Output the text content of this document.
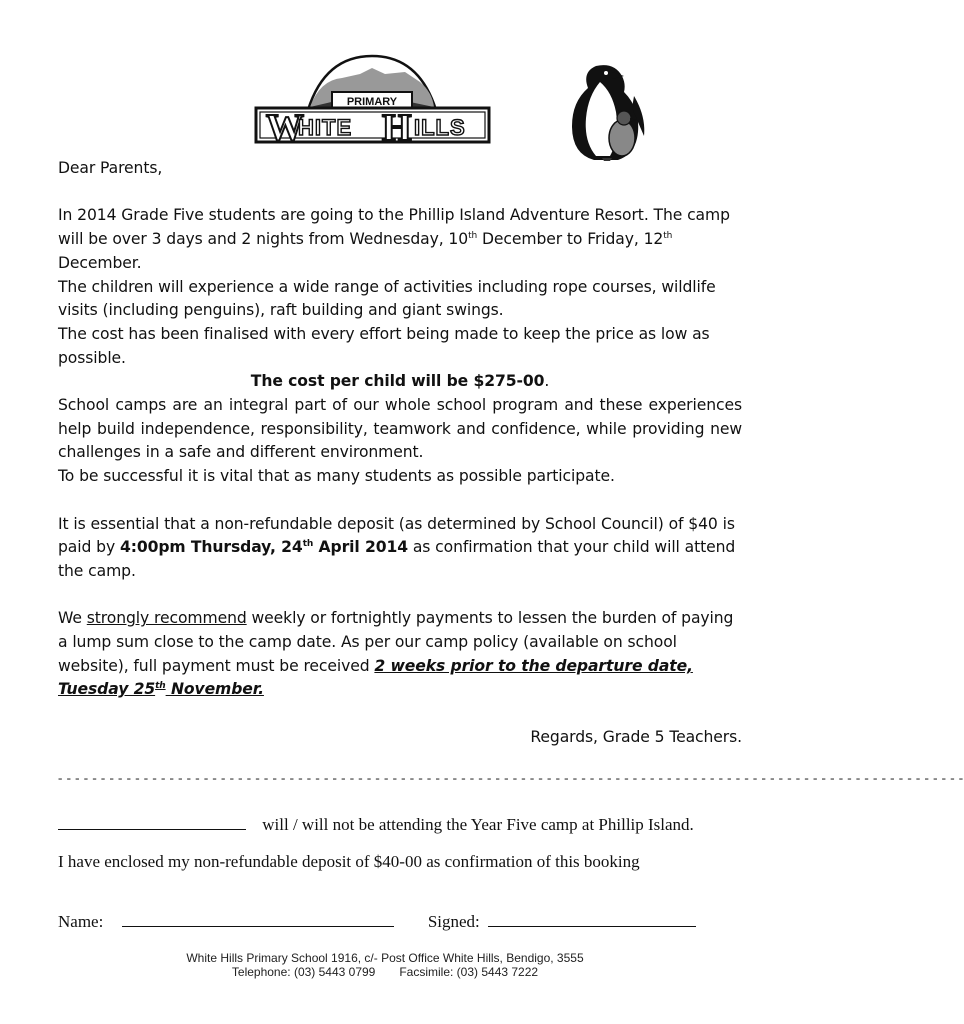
PRIMARY
W
HITE H ILLS

Dear Parents,

In 2014 Grade Five students are going to the Phillip Island Adventure Resort. The camp will be over 3 days and 2 nights from Wednesday, 10th December to Friday, 12th December.

The children will experience a wide range of activities including rope courses, wildlife visits (including penguins), raft building and giant swings.

The cost has been finalised with every effort being made to keep the price as low as possible.

The cost per child will be $275-00.

School camps are an integral part of our whole school program and these experiences help build independence, responsibility, teamwork and confidence, while providing new challenges in a safe and different environment.

To be successful it is vital that as many students as possible participate.

It is essential that a non-refundable deposit (as determined by School Council) of $40 is paid by 4:00pm Thursday, 24th April 2014 as confirmation that your child will attend the camp.

We strongly recommend weekly or fortnightly payments to lessen the burden of paying a lump sum close to the camp date. As per our camp policy (available on school website), full payment must be received 2 weeks prior to the departure date, Tuesday 25th November.

Regards, Grade 5 Teachers.

- - - - - - - - - - - - - - - - - - - - - - - - - - - - - - - - - - - - - - - - - - - - - - - - - - - - - - - - - - - - - - - - - - - - - - - - - - - - - - - - - - - - - - - - - - - - - - - - - - - - - - - - - -
will / will not be attending the Year Five camp at Phillip Island.
I have enclosed my non-refundable deposit of $40-00 as confirmation of this booking
Name:	Signed:

White Hills Primary School 1916, c/- Post Office White Hills, Bendigo, 3555

Telephone: (03) 5443 0799 Facsimile: (03) 5443 7222
